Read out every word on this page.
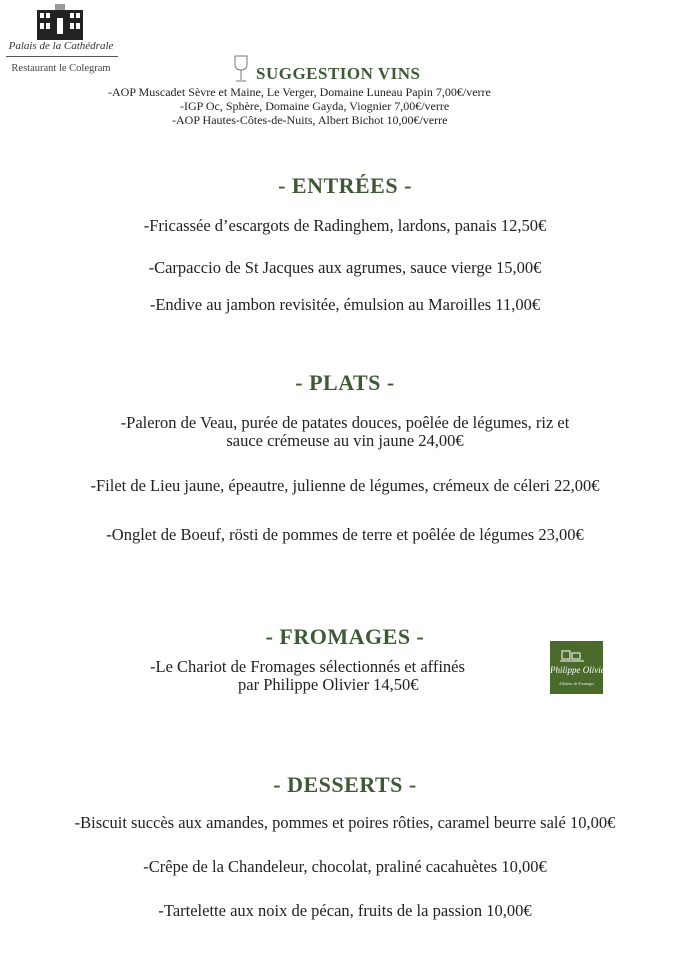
Palais de la Cathédrale
Restaurant le Colegram	SUGGESTION VINS
-AOP Muscadet Sèvre et Maine, Le Verger, Domaine Luneau Papin 7,00€/verre
-IGP Oc, Sphère, Domaine Gayda, Viognier 7,00€/verre
-AOP Hautes-Côtes-de-Nuits, Albert Bichot 10,00€/verre
- ENTRÉES -
-Fricassée d’escargots de Radinghem, lardons, panais 12,50€
-Carpaccio de St Jacques aux agrumes, sauce vierge 15,00€
-Endive au jambon revisitée, émulsion au Maroilles 11,00€
- PLATS -
-Paleron de Veau, purée de patates douces, poêlée de légumes, riz et
sauce crémeuse au vin jaune 24,00€
-Filet de Lieu jaune, épeautre, julienne de légumes, crémeux de céleri 22,00€
-Onglet de Boeuf, rösti de pommes de terre et poêlée de légumes 23,00€
- FROMAGES -
-Le Chariot de Fromages sélectionnés et affinés
par Philippe Olivier 14,50€
Philippe Olivier
Affineur de Fromages
- DESSERTS -
-Biscuit succès aux amandes, pommes et poires rôties, caramel beurre salé 10,00€
-Crêpe de la Chandeleur, chocolat, praliné cacahuètes 10,00€
-Tartelette aux noix de pécan, fruits de la passion 10,00€
